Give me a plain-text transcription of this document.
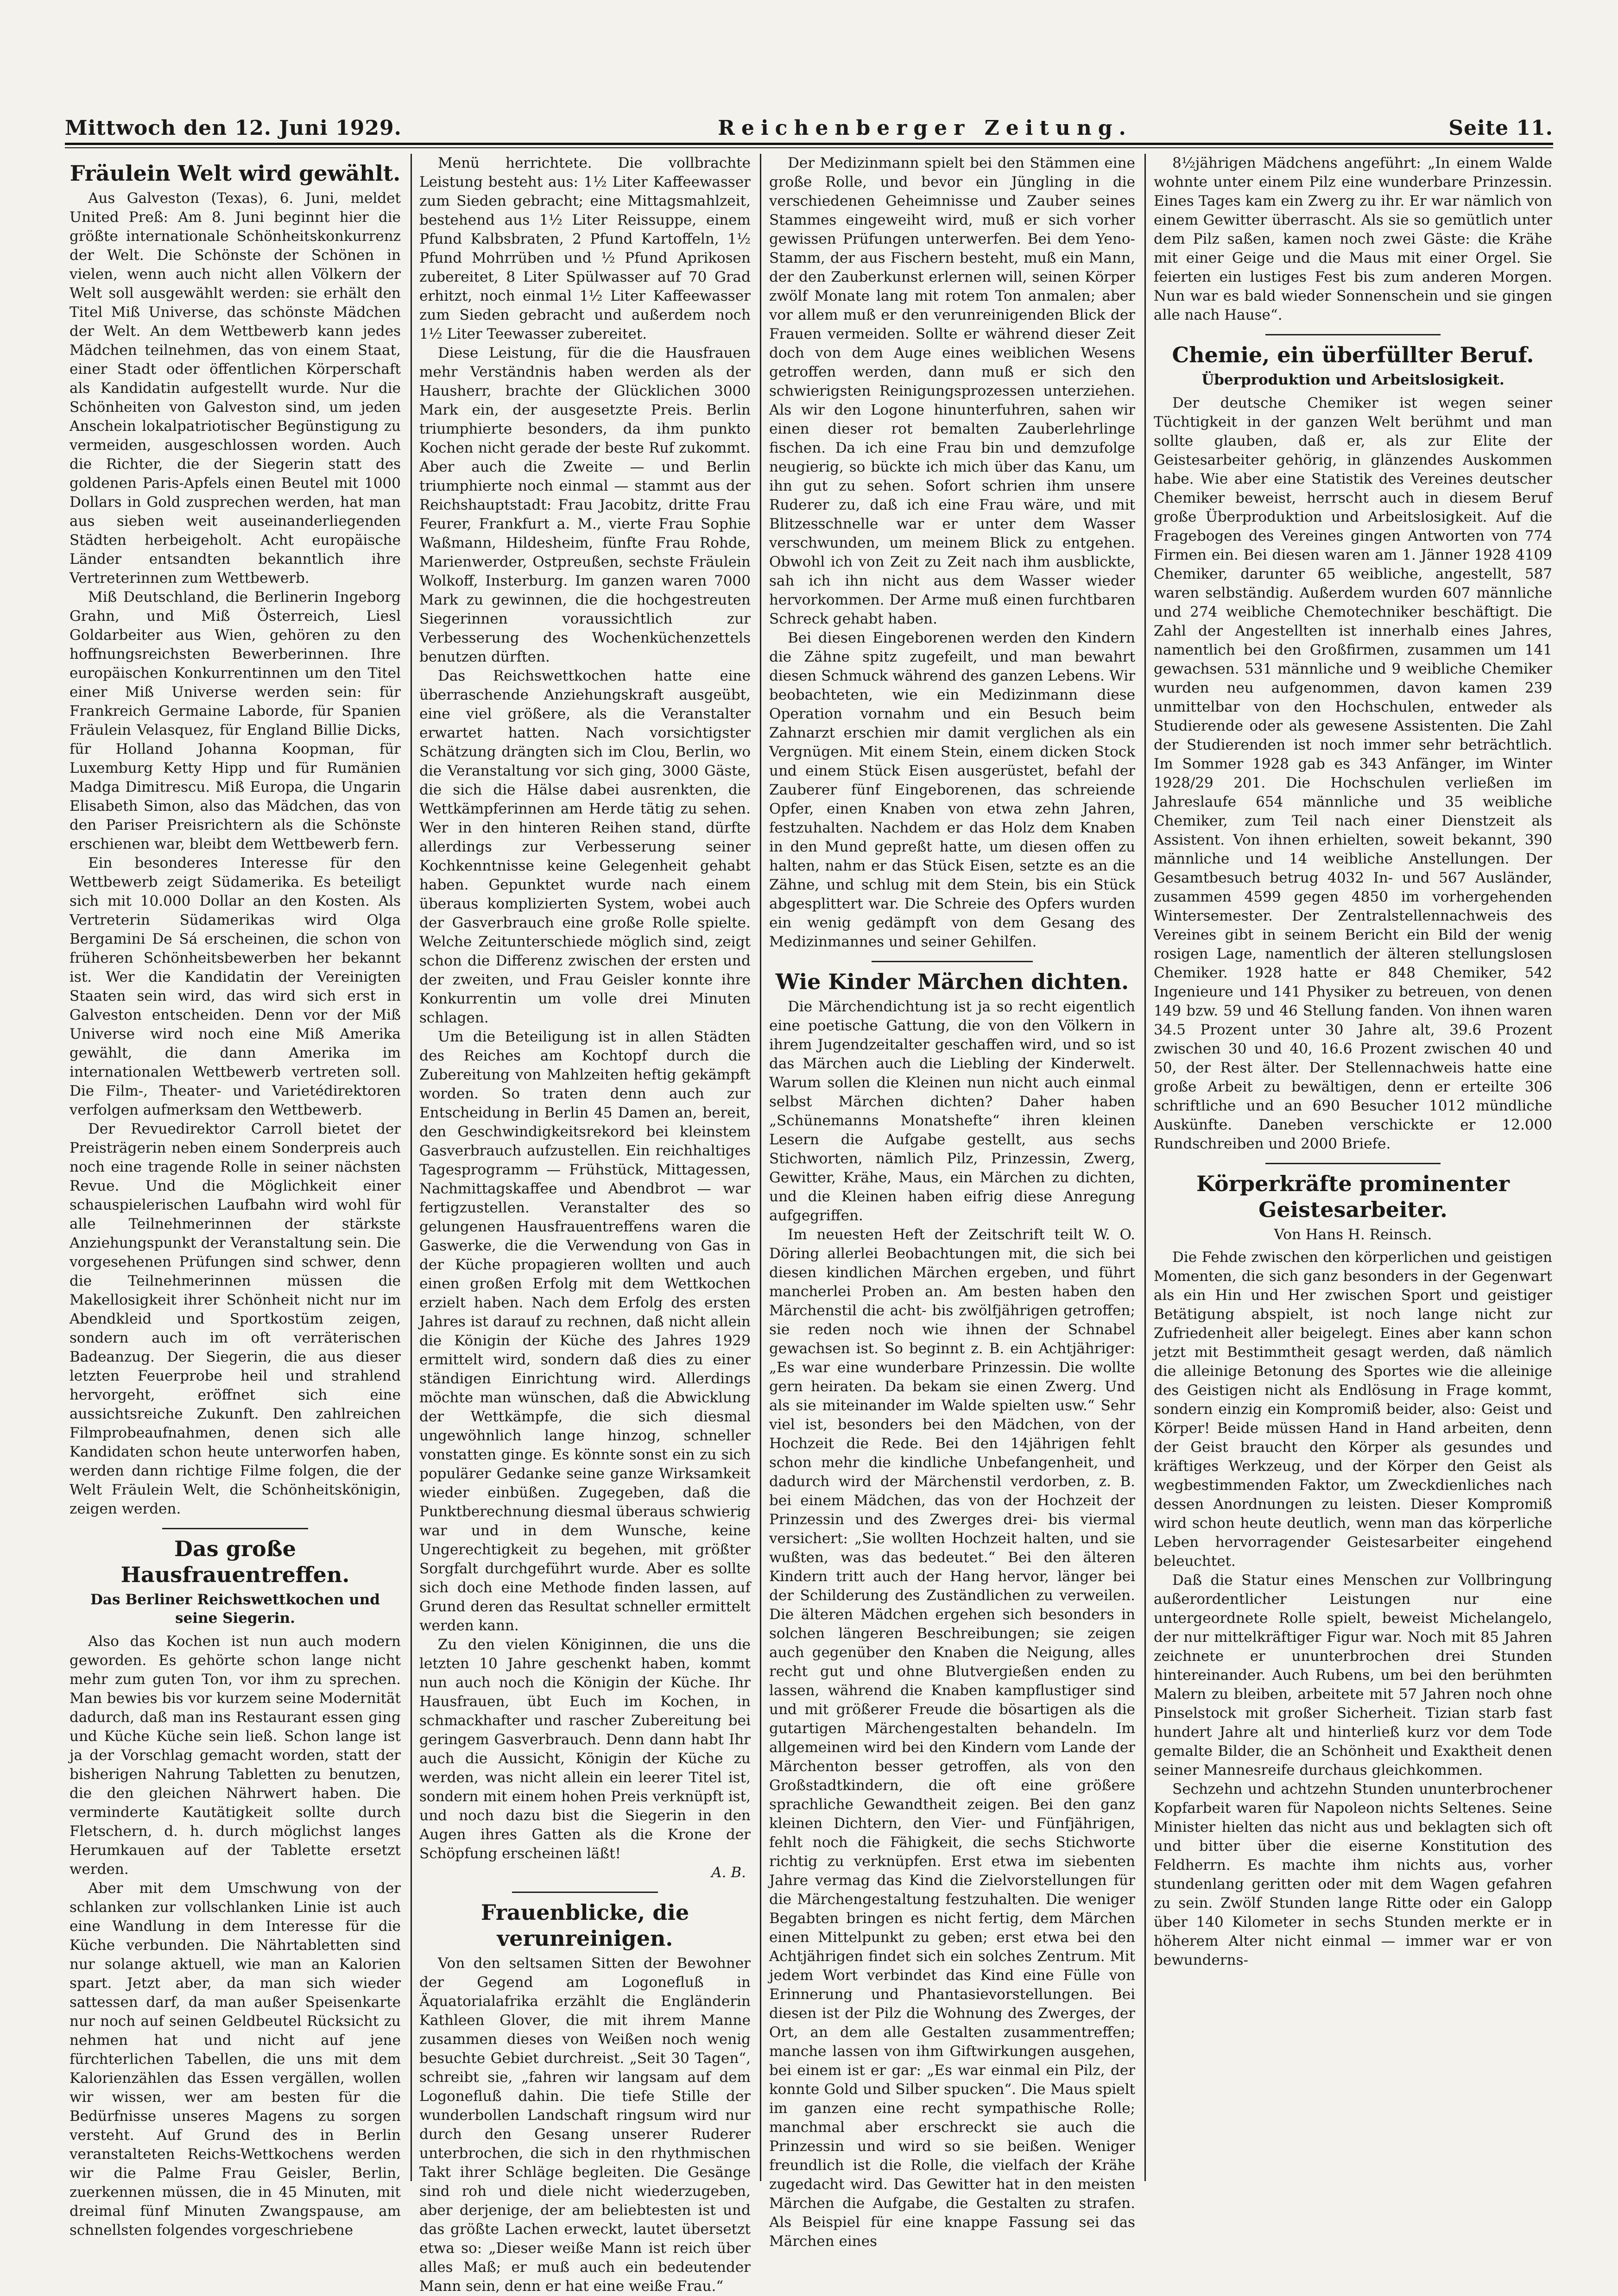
Mittwoch den 12. Juni 1929.	Reichenberger Zeitung.	Seite 11.
Fräulein Welt wird gewählt.

Aus Galveston (Texas), 6. Juni, meldet United Preß: Am 8. Juni beginnt hier die größte internationale Schönheitskonkurrenz der Welt. Die Schönste der Schönen in vielen, wenn auch nicht allen Völkern der Welt soll ausgewählt werden: sie erhält den Titel Miß Universe, das schönste Mädchen der Welt. An dem Wettbewerb kann jedes Mädchen teilnehmen, das von einem Staat, einer Stadt oder öffentlichen Körperschaft als Kandidatin aufgestellt wurde. Nur die Schönheiten von Galveston sind, um jeden Anschein lokalpatriotischer Begünstigung zu vermeiden, ausgeschlossen worden. Auch die Richter, die der Siegerin statt des goldenen Paris-Apfels einen Beutel mit 1000 Dollars in Gold zusprechen werden, hat man aus sieben weit auseinanderliegenden Städten herbeigeholt. Acht europäische Länder entsandten bekanntlich ihre Vertreterinnen zum Wettbewerb.

Miß Deutschland, die Berlinerin Ingeborg Grahn, und Miß Österreich, Liesl Goldarbeiter aus Wien, gehören zu den hoffnungsreichsten Bewerberinnen. Ihre europäischen Konkurrentinnen um den Titel einer Miß Universe werden sein: für Frankreich Germaine Laborde, für Spanien Fräulein Velasquez, für England Billie Dicks, für Holland Johanna Koopman, für Luxemburg Ketty Hipp und für Rumänien Madga Dimitrescu. Miß Europa, die Ungarin Elisabeth Simon, also das Mädchen, das von den Pariser Preisrichtern als die Schönste erschienen war, bleibt dem Wettbewerb fern.

Ein besonderes Interesse für den Wettbewerb zeigt Südamerika. Es beteiligt sich mit 10.000 Dollar an den Kosten. Als Vertreterin Südamerikas wird Olga Bergamini De Sá erscheinen, die schon von früheren Schönheitsbewerben her bekannt ist. Wer die Kandidatin der Vereinigten Staaten sein wird, das wird sich erst in Galveston entscheiden. Denn vor der Miß Universe wird noch eine Miß Amerika gewählt, die dann Amerika im internationalen Wettbewerb vertreten soll. Die Film-, Theater- und Varietédirektoren verfolgen aufmerksam den Wettbewerb.

Der Revuedirektor Carroll bietet der Preisträgerin neben einem Sonderpreis auch noch eine tragende Rolle in seiner nächsten Revue. Und die Möglichkeit einer schauspielerischen Laufbahn wird wohl für alle Teilnehmerinnen der stärkste Anziehungspunkt der Veranstaltung sein. Die vorgesehenen Prüfungen sind schwer, denn die Teilnehmerinnen müssen die Makellosigkeit ihrer Schönheit nicht nur im Abendkleid und Sportkostüm zeigen, sondern auch im oft verräterischen Badeanzug. Der Siegerin, die aus dieser letzten Feuerprobe heil und strahlend hervorgeht, eröffnet sich eine aussichtsreiche Zukunft. Den zahlreichen Filmprobeaufnahmen, denen sich alle Kandidaten schon heute unterworfen haben, werden dann richtige Filme folgen, die der Welt Fräulein Welt, die Schönheitskönigin, zeigen werden.

Das große Hausfrauentreffen.
Das Berliner Reichswettkochen und seine Siegerin.

Also das Kochen ist nun auch modern geworden. Es gehörte schon lange nicht mehr zum guten Ton, vor ihm zu sprechen. Man bewies bis vor kurzem seine Modernität dadurch, daß man ins Restaurant essen ging und Küche Küche sein ließ. Schon lange ist ja der Vorschlag gemacht worden, statt der bisherigen Nahrung Tabletten zu benutzen, die den gleichen Nährwert haben. Die verminderte Kautätigkeit sollte durch Fletschern, d. h. durch möglichst langes Herumkauen auf der Tablette ersetzt werden.

Aber mit dem Umschwung von der schlanken zur vollschlanken Linie ist auch eine Wandlung in dem Interesse für die Küche verbunden. Die Nährtabletten sind nur solange aktuell, wie man an Kalorien spart. Jetzt aber, da man sich wieder sattessen darf, da man außer Speisenkarte nur noch auf seinen Geldbeutel Rücksicht zu nehmen hat und nicht auf jene fürchterlichen Tabellen, die uns mit dem Kalorienzählen das Essen vergällen, wollen wir wissen, wer am besten für die Bedürfnisse unseres Magens zu sorgen versteht. Auf Grund des in Berlin veranstalteten Reichs-Wettkochens werden wir die Palme Frau Geisler, Berlin, zuerkennen müssen, die in 45 Minuten, mit dreimal fünf Minuten Zwangspause, am schnellsten folgendes vorgeschriebene

Menü herrichtete. Die vollbrachte Leistung besteht aus: 1½ Liter Kaffeewasser zum Sieden gebracht; eine Mittagsmahlzeit, bestehend aus 1½ Liter Reissuppe, einem Pfund Kalbsbraten, 2 Pfund Kartoffeln, 1½ Pfund Mohrrüben und ½ Pfund Aprikosen zubereitet, 8 Liter Spülwasser auf 70 Grad erhitzt, noch einmal 1½ Liter Kaffeewasser zum Sieden gebracht und außerdem noch 1½ Liter Teewasser zubereitet.

Diese Leistung, für die die Hausfrauen mehr Verständnis haben werden als der Hausherr, brachte der Glücklichen 3000 Mark ein, der ausgesetzte Preis. Berlin triumphierte besonders, da ihm punkto Kochen nicht gerade der beste Ruf zukommt. Aber auch die Zweite — und Berlin triumphierte noch einmal — stammt aus der Reichshauptstadt: Frau Jacobitz, dritte Frau Feurer, Frankfurt a. M., vierte Frau Sophie Waßmann, Hildesheim, fünfte Frau Rohde, Marienwerder, Ostpreußen, sechste Fräulein Wolkoff, Insterburg. Im ganzen waren 7000 Mark zu gewinnen, die die hochgestreuten Siegerinnen voraussichtlich zur Verbesserung des Wochenküchenzettels benutzen dürften.

Das Reichswettkochen hatte eine überraschende Anziehungskraft ausgeübt, eine viel größere, als die Veranstalter erwartet hatten. Nach vorsichtigster Schätzung drängten sich im Clou, Berlin, wo die Veranstaltung vor sich ging, 3000 Gäste, die sich die Hälse dabei ausrenkten, die Wettkämpferinnen am Herde tätig zu sehen. Wer in den hinteren Reihen stand, dürfte allerdings zur Verbesserung seiner Kochkenntnisse keine Gelegenheit gehabt haben. Gepunktet wurde nach einem überaus komplizierten System, wobei auch der Gasverbrauch eine große Rolle spielte. Welche Zeitunterschiede möglich sind, zeigt schon die Differenz zwischen der ersten und der zweiten, und Frau Geisler konnte ihre Konkurrentin um volle drei Minuten schlagen.

Um die Beteiligung ist in allen Städten des Reiches am Kochtopf durch die Zubereitung von Mahlzeiten heftig gekämpft worden. So traten denn auch zur Entscheidung in Berlin 45 Damen an, bereit, den Geschwindigkeitsrekord bei kleinstem Gasverbrauch aufzustellen. Ein reichhaltiges Tagesprogramm — Frühstück, Mittagessen, Nachmittagskaffee und Abendbrot — war fertigzustellen. Veranstalter des so gelungenen Hausfrauentreffens waren die Gaswerke, die die Verwendung von Gas in der Küche propagieren wollten und auch einen großen Erfolg mit dem Wettkochen erzielt haben. Nach dem Erfolg des ersten Jahres ist darauf zu rechnen, daß nicht allein die Königin der Küche des Jahres 1929 ermittelt wird, sondern daß dies zu einer ständigen Einrichtung wird. Allerdings möchte man wünschen, daß die Abwicklung der Wettkämpfe, die sich diesmal ungewöhnlich lange hinzog, schneller vonstatten ginge. Es könnte sonst ein zu sich populärer Gedanke seine ganze Wirksamkeit wieder einbüßen. Zugegeben, daß die Punktberechnung diesmal überaus schwierig war und in dem Wunsche, keine Ungerechtigkeit zu begehen, mit größter Sorgfalt durchgeführt wurde. Aber es sollte sich doch eine Methode finden lassen, auf Grund deren das Resultat schneller ermittelt werden kann.

Zu den vielen Königinnen, die uns die letzten 10 Jahre geschenkt haben, kommt nun auch noch die Königin der Küche. Ihr Hausfrauen, übt Euch im Kochen, in schmackhafter und rascher Zubereitung bei geringem Gasverbrauch. Denn dann habt Ihr auch die Aussicht, Königin der Küche zu werden, was nicht allein ein leerer Titel ist, sondern mit einem hohen Preis verknüpft ist, und noch dazu bist die Siegerin in den Augen ihres Gatten als die Krone der Schöpfung erscheinen läßt!

A. B.
Frauenblicke, die verunreinigen.

Von den seltsamen Sitten der Bewohner der Gegend am Logonefluß in Äquatorialafrika erzählt die Engländerin Kathleen Glover, die mit ihrem Manne zusammen dieses von Weißen noch wenig besuchte Gebiet durchreist. „Seit 30 Tagen“, schreibt sie, „fahren wir langsam auf dem Logonefluß dahin. Die tiefe Stille der wunderbollen Landschaft ringsum wird nur durch den Gesang unserer Ruderer unterbrochen, die sich in den rhythmischen Takt ihrer Schläge begleiten. Die Gesänge sind roh und diele nicht wiederzugeben, aber derjenige, der am beliebtesten ist und das größte Lachen erweckt, lautet übersetzt etwa so: „Dieser weiße Mann ist reich über alles Maß; er muß auch ein bedeutender Mann sein, denn er hat eine weiße Frau.“

Der Medizinmann spielt bei den Stämmen eine große Rolle, und bevor ein Jüngling in die verschiedenen Geheimnisse und Zauber seines Stammes eingeweiht wird, muß er sich vorher gewissen Prüfungen unterwerfen. Bei dem Yeno-Stamm, der aus Fischern besteht, muß ein Mann, der den Zauberkunst erlernen will, seinen Körper zwölf Monate lang mit rotem Ton anmalen; aber vor allem muß er den verunreinigenden Blick der Frauen vermeiden. Sollte er während dieser Zeit doch von dem Auge eines weiblichen Wesens getroffen werden, dann muß er sich den schwierigsten Reinigungsprozessen unterziehen. Als wir den Logone hinunterfuhren, sahen wir einen dieser rot bemalten Zauberlehrlinge fischen. Da ich eine Frau bin und demzufolge neugierig, so bückte ich mich über das Kanu, um ihn gut zu sehen. Sofort schrien ihm unsere Ruderer zu, daß ich eine Frau wäre, und mit Blitzesschnelle war er unter dem Wasser verschwunden, um meinem Blick zu entgehen. Obwohl ich von Zeit zu Zeit nach ihm ausblickte, sah ich ihn nicht aus dem Wasser wieder hervorkommen. Der Arme muß einen furchtbaren Schreck gehabt haben.

Bei diesen Eingeborenen werden den Kindern die Zähne spitz zugefeilt, und man bewahrt diesen Schmuck während des ganzen Lebens. Wir beobachteten, wie ein Medizinmann diese Operation vornahm und ein Besuch beim Zahnarzt erschien mir damit verglichen als ein Vergnügen. Mit einem Stein, einem dicken Stock und einem Stück Eisen ausgerüstet, befahl der Zauberer fünf Eingeborenen, das schreiende Opfer, einen Knaben von etwa zehn Jahren, festzuhalten. Nachdem er das Holz dem Knaben in den Mund gepreßt hatte, um diesen offen zu halten, nahm er das Stück Eisen, setzte es an die Zähne, und schlug mit dem Stein, bis ein Stück abgesplittert war. Die Schreie des Opfers wurden ein wenig gedämpft von dem Gesang des Medizinmannes und seiner Gehilfen.

Wie Kinder Märchen dichten.

Die Märchendichtung ist ja so recht eigentlich eine poetische Gattung, die von den Völkern in ihrem Jugendzeitalter geschaffen wird, und so ist das Märchen auch die Liebling der Kinderwelt. Warum sollen die Kleinen nun nicht auch einmal selbst Märchen dichten? Daher haben „Schünemanns Monatshefte“ ihren kleinen Lesern die Aufgabe gestellt, aus sechs Stichworten, nämlich Pilz, Prinzessin, Zwerg, Gewitter, Krähe, Maus, ein Märchen zu dichten, und die Kleinen haben eifrig diese Anregung aufgegriffen.

Im neuesten Heft der Zeitschrift teilt W. O. Döring allerlei Beobachtungen mit, die sich bei diesen kindlichen Märchen ergeben, und führt mancherlei Proben an. Am besten haben den Märchenstil die acht- bis zwölfjährigen getroffen; sie reden noch wie ihnen der Schnabel gewachsen ist. So beginnt z. B. ein Achtjähriger: „Es war eine wunderbare Prinzessin. Die wollte gern heiraten. Da bekam sie einen Zwerg. Und als sie miteinander im Walde spielten usw.“ Sehr viel ist, besonders bei den Mädchen, von der Hochzeit die Rede. Bei den 14jährigen fehlt schon mehr die kindliche Unbefangenheit, und dadurch wird der Märchenstil verdorben, z. B. bei einem Mädchen, das von der Hochzeit der Prinzessin und des Zwerges drei- bis viermal versichert: „Sie wollten Hochzeit halten, und sie wußten, was das bedeutet.“ Bei den älteren Kindern tritt auch der Hang hervor, länger bei der Schilderung des Zuständlichen zu verweilen. Die älteren Mädchen ergehen sich besonders in solchen längeren Beschreibungen; sie zeigen auch gegenüber den Knaben die Neigung, alles recht gut und ohne Blutvergießen enden zu lassen, während die Knaben kampflustiger sind und mit größerer Freude die bösartigen als die gutartigen Märchengestalten behandeln. Im allgemeinen wird bei den Kindern vom Lande der Märchenton besser getroffen, als von den Großstadtkindern, die oft eine größere sprachliche Gewandtheit zeigen. Bei den ganz kleinen Dichtern, den Vier- und Fünfjährigen, fehlt noch die Fähigkeit, die sechs Stichworte richtig zu verknüpfen. Erst etwa im siebenten Jahre vermag das Kind die Zielvorstellungen für die Märchengestaltung festzuhalten. Die weniger Begabten bringen es nicht fertig, dem Märchen einen Mittelpunkt zu geben; erst etwa bei den Achtjährigen findet sich ein solches Zentrum. Mit jedem Wort verbindet das Kind eine Fülle von Erinnerung und Phantasievorstellungen. Bei diesen ist der Pilz die Wohnung des Zwerges, der Ort, an dem alle Gestalten zusammentreffen; manche lassen von ihm Giftwirkungen ausgehen, bei einem ist er gar: „Es war einmal ein Pilz, der konnte Gold und Silber spucken“. Die Maus spielt im ganzen eine recht sympathische Rolle; manchmal aber erschreckt sie auch die Prinzessin und wird so sie beißen. Weniger freundlich ist die Rolle, die vielfach der Krähe zugedacht wird. Das Gewitter hat in den meisten Märchen die Aufgabe, die Gestalten zu strafen. Als Beispiel für eine knappe Fassung sei das Märchen eines

8½jährigen Mädchens angeführt: „In einem Walde wohnte unter einem Pilz eine wunderbare Prinzessin. Eines Tages kam ein Zwerg zu ihr. Er war nämlich von einem Gewitter überrascht. Als sie so gemütlich unter dem Pilz saßen, kamen noch zwei Gäste: die Krähe mit einer Geige und die Maus mit einer Orgel. Sie feierten ein lustiges Fest bis zum anderen Morgen. Nun war es bald wieder Sonnenschein und sie gingen alle nach Hause“.

Chemie, ein überfüllter Beruf.
Überproduktion und Arbeitslosigkeit.

Der deutsche Chemiker ist wegen seiner Tüchtigkeit in der ganzen Welt berühmt und man sollte glauben, daß er, als zur Elite der Geistesarbeiter gehörig, in glänzendes Auskommen habe. Wie aber eine Statistik des Vereines deutscher Chemiker beweist, herrscht auch in diesem Beruf große Überproduktion und Arbeitslosigkeit. Auf die Fragebogen des Vereines gingen Antworten von 774 Firmen ein. Bei diesen waren am 1. Jänner 1928 4109 Chemiker, darunter 65 weibliche, angestellt, 587 waren selbständig. Außerdem wurden 607 männliche und 274 weibliche Chemotechniker beschäftigt. Die Zahl der Angestellten ist innerhalb eines Jahres, namentlich bei den Großfirmen, zusammen um 141 gewachsen. 531 männliche und 9 weibliche Chemiker wurden neu aufgenommen, davon kamen 239 unmittelbar von den Hochschulen, entweder als Studierende oder als gewesene Assistenten. Die Zahl der Studierenden ist noch immer sehr beträchtlich. Im Sommer 1928 gab es 343 Anfänger, im Winter 1928/29 201. Die Hochschulen verließen im Jahreslaufe 654 männliche und 35 weibliche Chemiker, zum Teil nach einer Dienstzeit als Assistent. Von ihnen erhielten, soweit bekannt, 390 männliche und 14 weibliche Anstellungen. Der Gesamtbesuch betrug 4032 In- und 567 Ausländer, zusammen 4599 gegen 4850 im vorhergehenden Wintersemester. Der Zentralstellennachweis des Vereines gibt in seinem Bericht ein Bild der wenig rosigen Lage, namentlich der älteren stellungslosen Chemiker. 1928 hatte er 848 Chemiker, 542 Ingenieure und 141 Physiker zu betreuen, von denen 149 bzw. 59 und 46 Stellung fanden. Von ihnen waren 34.5 Prozent unter 30 Jahre alt, 39.6 Prozent zwischen 30 und 40, 16.6 Prozent zwischen 40 und 50, der Rest älter. Der Stellennachweis hatte eine große Arbeit zu bewältigen, denn er erteilte 306 schriftliche und an 690 Besucher 1012 mündliche Auskünfte. Daneben verschickte er 12.000 Rundschreiben und 2000 Briefe.

Körperkräfte prominenter Geistesarbeiter.
Von Hans H. Reinsch.

Die Fehde zwischen den körperlichen und geistigen Momenten, die sich ganz besonders in der Gegenwart als ein Hin und Her zwischen Sport und geistiger Betätigung abspielt, ist noch lange nicht zur Zufriedenheit aller beigelegt. Eines aber kann schon jetzt mit Bestimmtheit gesagt werden, daß nämlich die alleinige Betonung des Sportes wie die alleinige des Geistigen nicht als Endlösung in Frage kommt, sondern einzig ein Kompromiß beider, also: Geist und Körper! Beide müssen Hand in Hand arbeiten, denn der Geist braucht den Körper als gesundes und kräftiges Werkzeug, und der Körper den Geist als wegbestimmenden Faktor, um Zweckdienliches nach dessen Anordnungen zu leisten. Dieser Kompromiß wird schon heute deutlich, wenn man das körperliche Leben hervorragender Geistesarbeiter eingehend beleuchtet.

Daß die Statur eines Menschen zur Vollbringung außerordentlicher Leistungen nur eine untergeordnete Rolle spielt, beweist Michelangelo, der nur mittelkräftiger Figur war. Noch mit 85 Jahren zeichnete er ununterbrochen drei Stunden hintereinander. Auch Rubens, um bei den berühmten Malern zu bleiben, arbeitete mit 57 Jahren noch ohne Pinselstock mit großer Sicherheit. Tizian starb fast hundert Jahre alt und hinterließ kurz vor dem Tode gemalte Bilder, die an Schönheit und Exaktheit denen seiner Mannesreife durchaus gleichkommen.

Sechzehn und achtzehn Stunden ununterbrochener Kopfarbeit waren für Napoleon nichts Seltenes. Seine Minister hielten das nicht aus und beklagten sich oft und bitter über die eiserne Konstitution des Feldherrn. Es machte ihm nichts aus, vorher stundenlang geritten oder mit dem Wagen gefahren zu sein. Zwölf Stunden lange Ritte oder ein Galopp über 140 Kilometer in sechs Stunden merkte er in höherem Alter nicht einmal — immer war er von bewunderns-
